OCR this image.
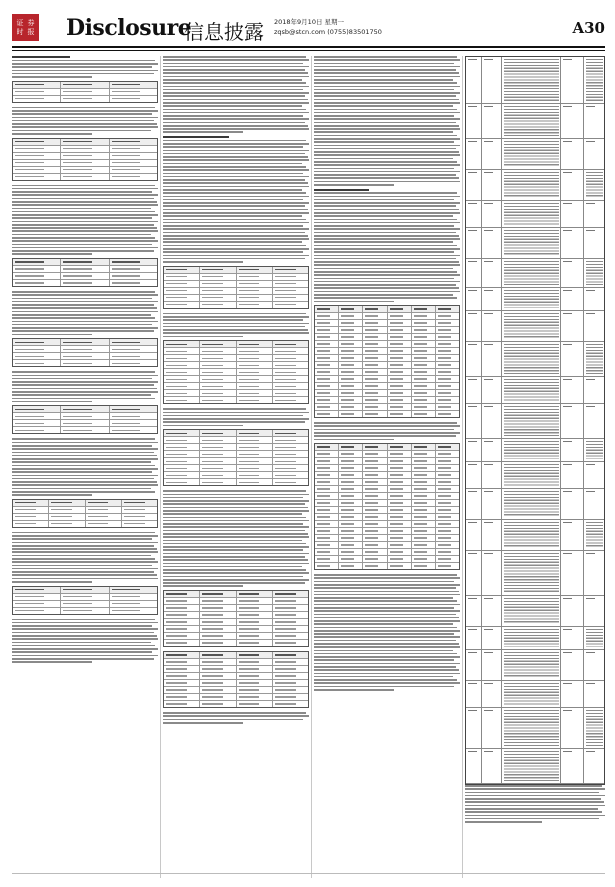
证 券
时 报 Disclosure
信息披露 2018年9月10日 星期一
zqsb@stcn.com (0755)83501750	A30
